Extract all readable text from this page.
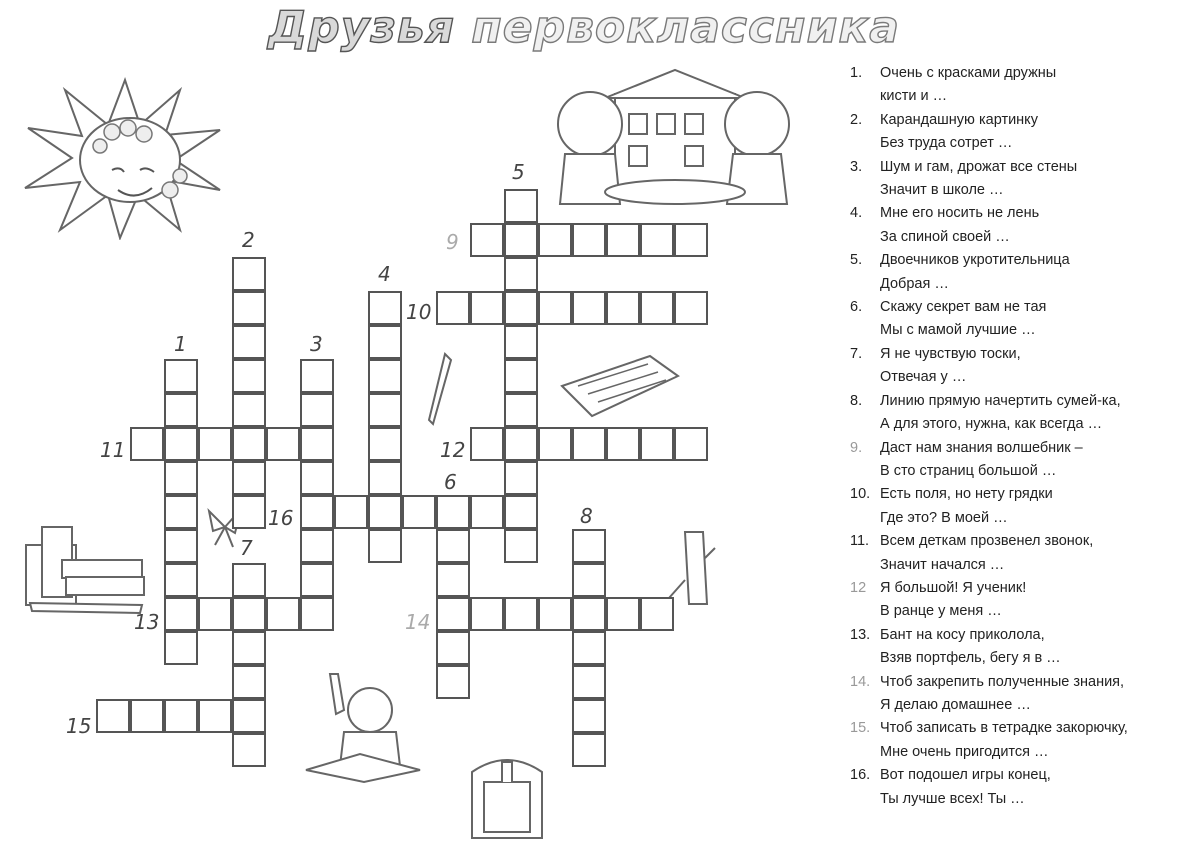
Друзья первоклассника
1
2
3
4
5
6
7
8
9
10
11	12
13	14
15
16
1.	Очень с красками дружны
кисти и …
2.	Карандашную картинку
Без труда сотрет …
3.	Шум и гам, дрожат все стены
Значит в школе …
4.	Мне его носить не лень
За спиной своей …
5.	Двоечников укротительница
Добрая …
6.	Скажу секрет вам не тая
Мы с мамой лучшие …
7.	Я не чувствую тоски,
Отвечая у …
8.	Линию прямую начертить сумей-ка,
А для этого, нужна, как всегда …
9.	Даст нам знания волшебник –
В сто страниц большой …
10. Есть поля, но нету грядки
Где это? В моей …
11. Всем деткам прозвенел звонок,
Значит начался …
12 Я большой! Я ученик!
В ранце у меня …
13. Бант на косу приколола,
Взяв портфель, бегу я в …
14. Чтоб закрепить полученные знания,
Я делаю домашнее …
15. Чтоб записать в тетрадке закорючку,
Мне очень пригодится …
16. Вот подошел игры конец,
Ты лучше всех! Ты …
